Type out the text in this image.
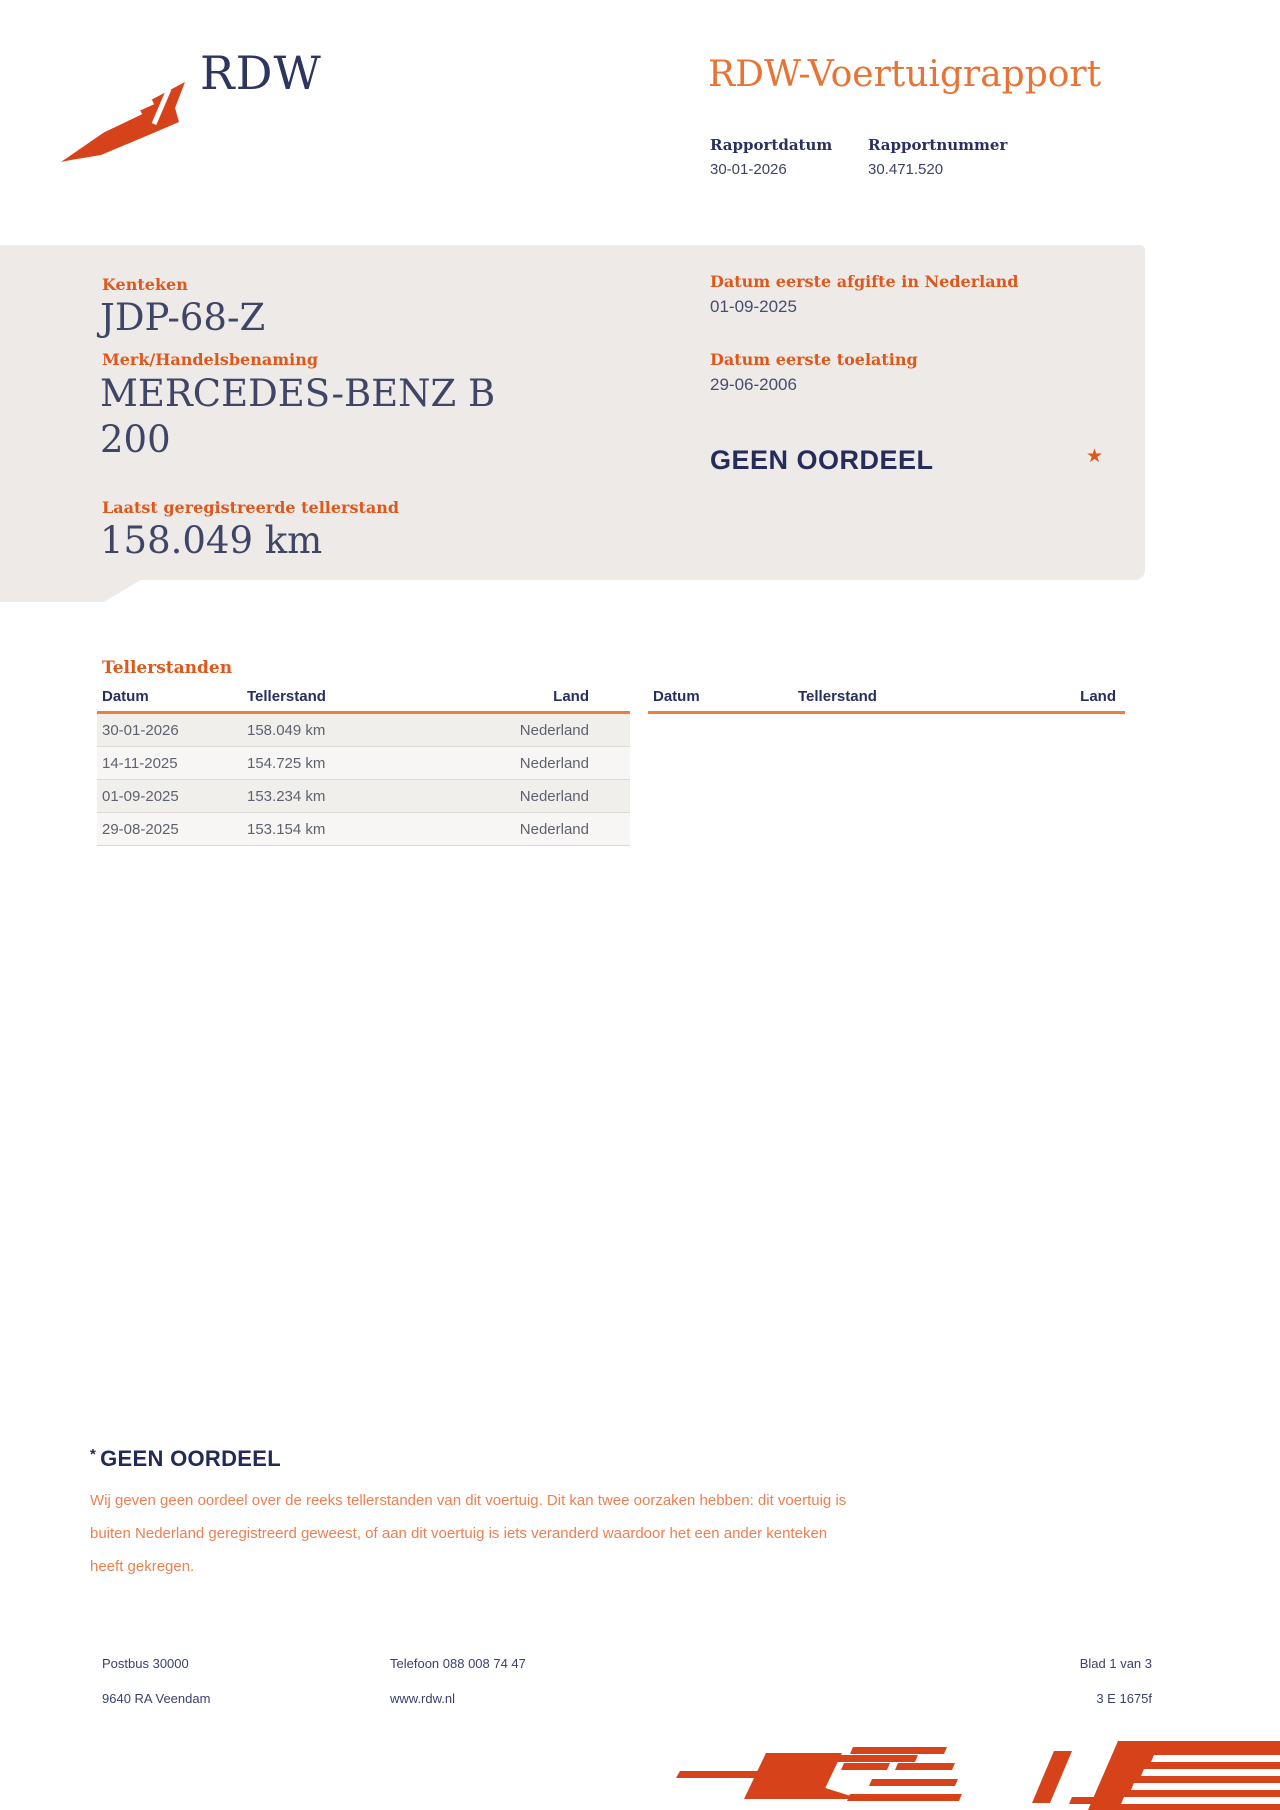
RDW	RDW-Voertuigrapport
Rapportdatum
30-01-2026
Rapportnummer
30.471.520
Kenteken
JDP-68-Z
Merk/Handelsbenaming
MERCEDES-BENZ B 200
Laatst geregistreerde tellerstand
158.049 km
Datum eerste afgifte in Nederland
01-09-2025
Datum eerste toelating
29-06-2006
GEEN OORDEEL	★
Tellerstanden
Datum	Tellerstand	Land
30-01-2026	158.049 km	Nederland
14-11-2025	154.725 km	Nederland
01-09-2025	153.234 km	Nederland
29-08-2025	153.154 km	Nederland
Datum	Tellerstand	Land
* GEEN OORDEEL
Wij geven geen oordeel over de reeks tellerstanden van dit voertuig. Dit kan twee oorzaken hebben: dit voertuig is
buiten Nederland geregistreerd geweest, of aan dit voertuig is iets veranderd waardoor het een ander kenteken
heeft gekregen.
Postbus 30000
9640 RA Veendam
Telefoon 088 008 74 47
www.rdw.nl
Blad 1 van 3
3 E 1675f
